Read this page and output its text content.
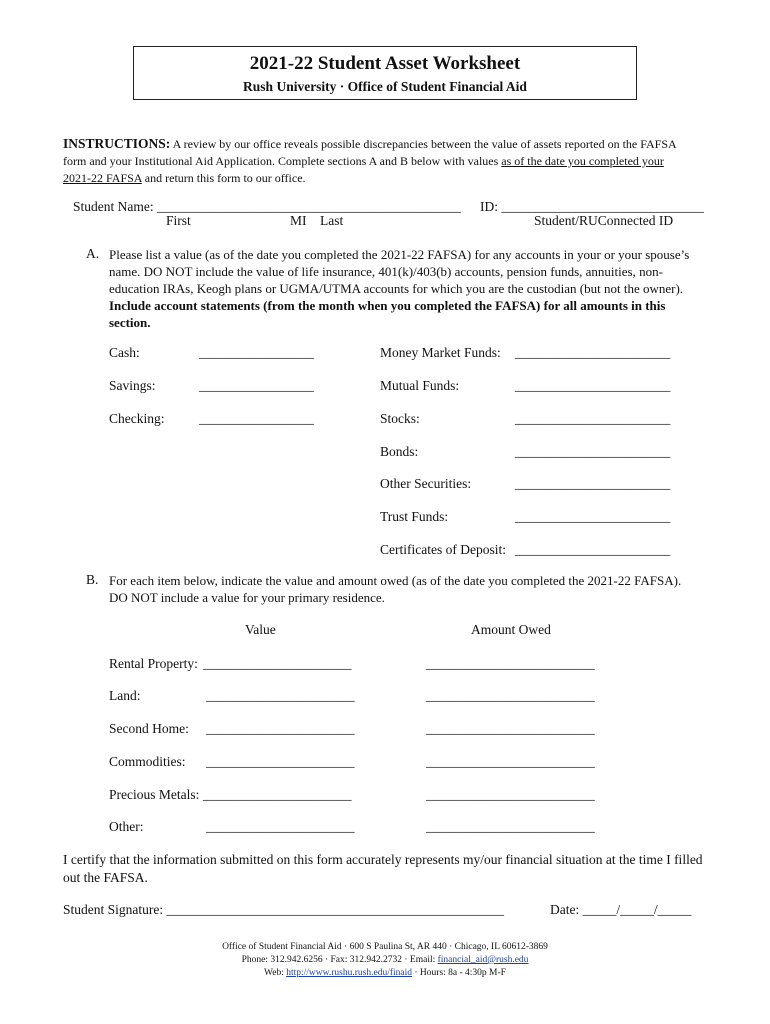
2021-22 Student Asset Worksheet
Rush University · Office of Student Financial Aid
INSTRUCTIONS: A review by our office reveals possible discrepancies between the value of assets reported on the FAFSA form and your Institutional Aid Application. Complete sections A and B below with values as of the date you completed your 2021-22 FAFSA and return this form to our office.
Student Name: _____________________________________________ ID: ______________________________
First	MI Last	Student/RUConnected ID
A. Please list a value (as of the date you completed the 2021-22 FAFSA) for any accounts in your or your spouse’s name. DO NOT include the value of life insurance, 401(k)/403(b) accounts, pension funds, annuities, non-education IRAs, Keogh plans or UGMA/UTMA accounts for which you are the custodian (but not the owner). Include account statements (from the month when you completed the FAFSA) for all amounts in this section.
Cash:	_________________
Savings:	_________________
Checking:	_________________
Money Market Funds: _______________________
Mutual Funds:	_______________________
Stocks:	_______________________
Bonds:	_______________________
Other Securities:	_______________________
Trust Funds:	_______________________
Certificates of Deposit: _______________________
B. For each item below, indicate the value and amount owed (as of the date you completed the 2021-22 FAFSA). DO NOT include a value for your primary residence.
Value	Amount Owed
Rental Property: ______________________	_________________________
Land:	______________________	_________________________
Second Home: ______________________	_________________________
Commodities: ______________________	_________________________
Precious Metals: ______________________	_________________________
Other:	______________________	_________________________
I certify that the information submitted on this form accurately represents my/our financial situation at the time I filled out the FAFSA.
Student Signature: __________________________________________________	Date: _____/_____/_____
Office of Student Financial Aid · 600 S Paulina St, AR 440 · Chicago, IL 60612-3869
Phone: 312.942.6256 · Fax: 312.942.2732 · Email: financial_aid@rush.edu
Web: http://www.rushu.rush.edu/finaid · Hours: 8a - 4:30p M-F
